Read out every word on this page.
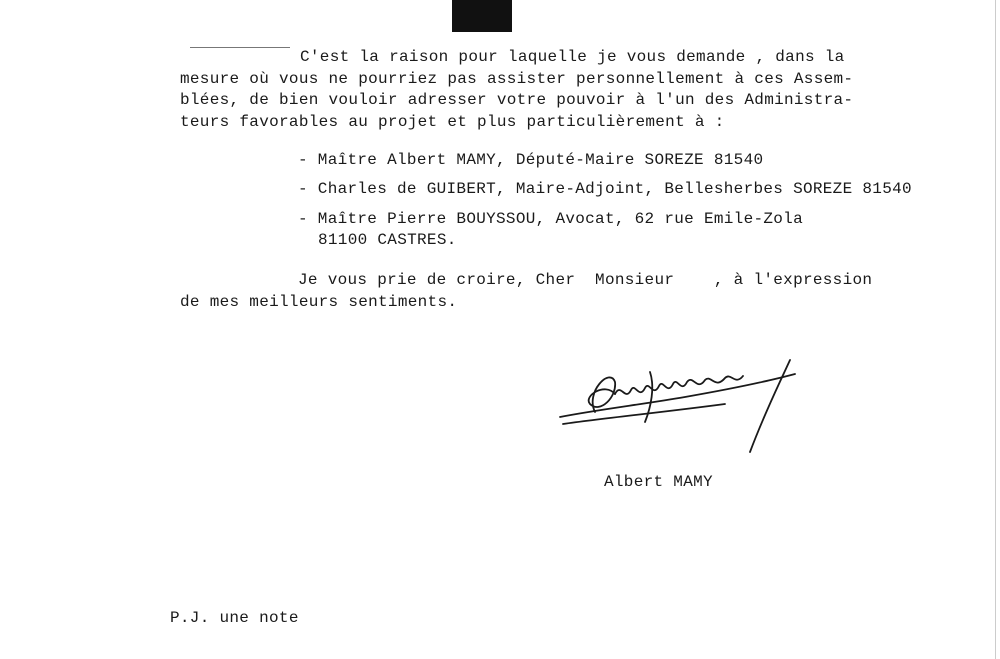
C'est la raison pour laquelle je vous demande , dans la
mesure où vous ne pourriez pas assister personnellement à ces Assem-
blées, de bien vouloir adresser votre pouvoir à l'un des Administra-
teurs favorables au projet et plus particulièrement à :
- Maître Albert MAMY, Député-Maire SOREZE 81540
- Charles de GUIBERT, Maire-Adjoint, Bellesherbes SOREZE 81540
- Maître Pierre BOUYSSOU, Avocat, 62 rue Emile-Zola
81100 CASTRES.
Je vous prie de croire, Cher  Monsieur    , à l'expression
de mes meilleurs sentiments.
Albert MAMY
P.J. une note
